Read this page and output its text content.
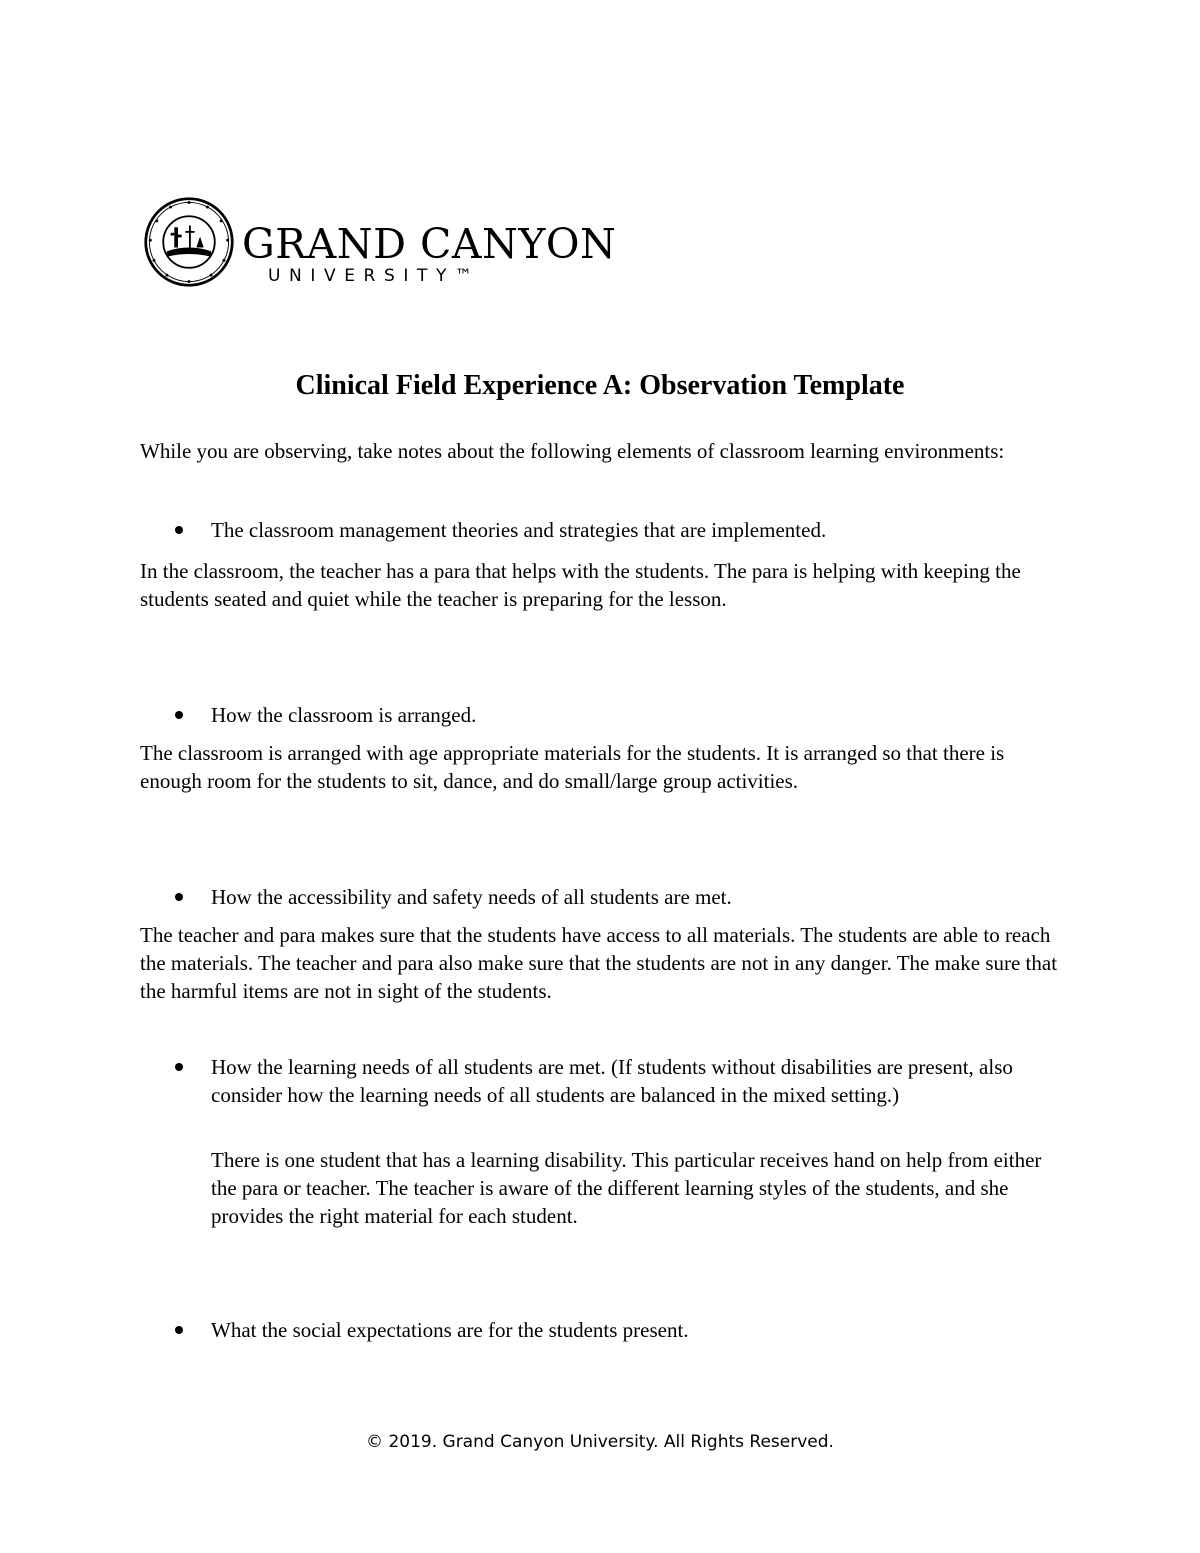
GRAND CANYON
UNIVERSITY™
Clinical Field Experience A: Observation Template
While you are observing, take notes about the following elements of classroom learning environments:
The classroom management theories and strategies that are implemented.
In the classroom, the teacher has a para that helps with the students. The para is helping with keeping the students seated and quiet while the teacher is preparing for the lesson.
How the classroom is arranged.
The classroom is arranged with age appropriate materials for the students. It is arranged so that there is enough room for the students to sit, dance, and do small/large group activities.
How the accessibility and safety needs of all students are met.
The teacher and para makes sure that the students have access to all materials. The students are able to reach the materials. The teacher and para also make sure that the students are not in any danger. The make sure that the harmful items are not in sight of the students.
How the learning needs of all students are met. (If students without disabilities are present, also consider how the learning needs of all students are balanced in the mixed setting.)
There is one student that has a learning disability. This particular receives hand on help from either the para or teacher. The teacher is aware of the different learning styles of the students, and she provides the right material for each student.
What the social expectations are for the students present.
© 2019. Grand Canyon University. All Rights Reserved.
